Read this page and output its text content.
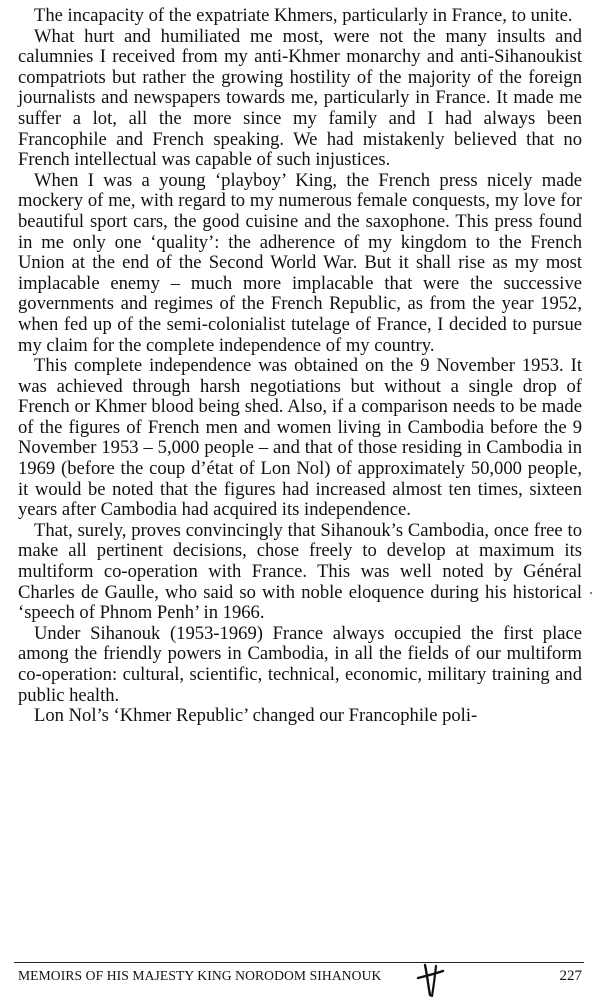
The incapacity of the expatriate Khmers, particularly in France, to unite.

What hurt and humiliated me most, were not the many insults and calumnies I received from my anti-Khmer monarchy and anti-Sihanoukist compatriots but rather the growing hostility of the majority of the foreign journalists and newspapers towards me, particularly in France. It made me suffer a lot, all the more since my family and I had always been Francophile and French speaking. We had mistakenly believed that no French intellectual was capable of such injustices.

When I was a young ‘playboy’ King, the French press nicely made mockery of me, with regard to my numerous female conquests, my love for beautiful sport cars, the good cuisine and the saxophone. This press found in me only one ‘quality’: the adherence of my kingdom to the French Union at the end of the Second World War. But it shall rise as my most implacable enemy – much more implacable that were the successive governments and regimes of the French Republic, as from the year 1952, when fed up of the semi-colonialist tutelage of France, I decided to pursue my claim for the complete independence of my country.

This complete independence was obtained on the 9 November 1953. It was achieved through harsh negotiations but without a single drop of French or Khmer blood being shed. Also, if a comparison needs to be made of the figures of French men and women living in Cambodia before the 9 November 1953 – 5,000 people – and that of those residing in Cambodia in 1969 (before the coup d’état of Lon Nol) of approximately 50,000 people, it would be noted that the figures had increased almost ten times, sixteen years after Cambodia had acquired its independence.

That, surely, proves convincingly that Sihanouk’s Cambodia, once free to make all pertinent decisions, chose freely to develop at maximum its multiform co-operation with France. This was well noted by Général Charles de Gaulle, who said so with noble eloquence during his historical ‘speech of Phnom Penh’ in 1966.

Under Sihanouk (1953-1969) France always occupied the first place among the friendly powers in Cambodia, in all the fields of our multiform co-operation: cultural, scientific, technical, economic, military training and public health.

Lon Nol’s ‘Khmer Republic’ changed our Francophile poli-

MEMOIRS OF HIS MAJESTY KING NORODOM SIHANOUK	227
